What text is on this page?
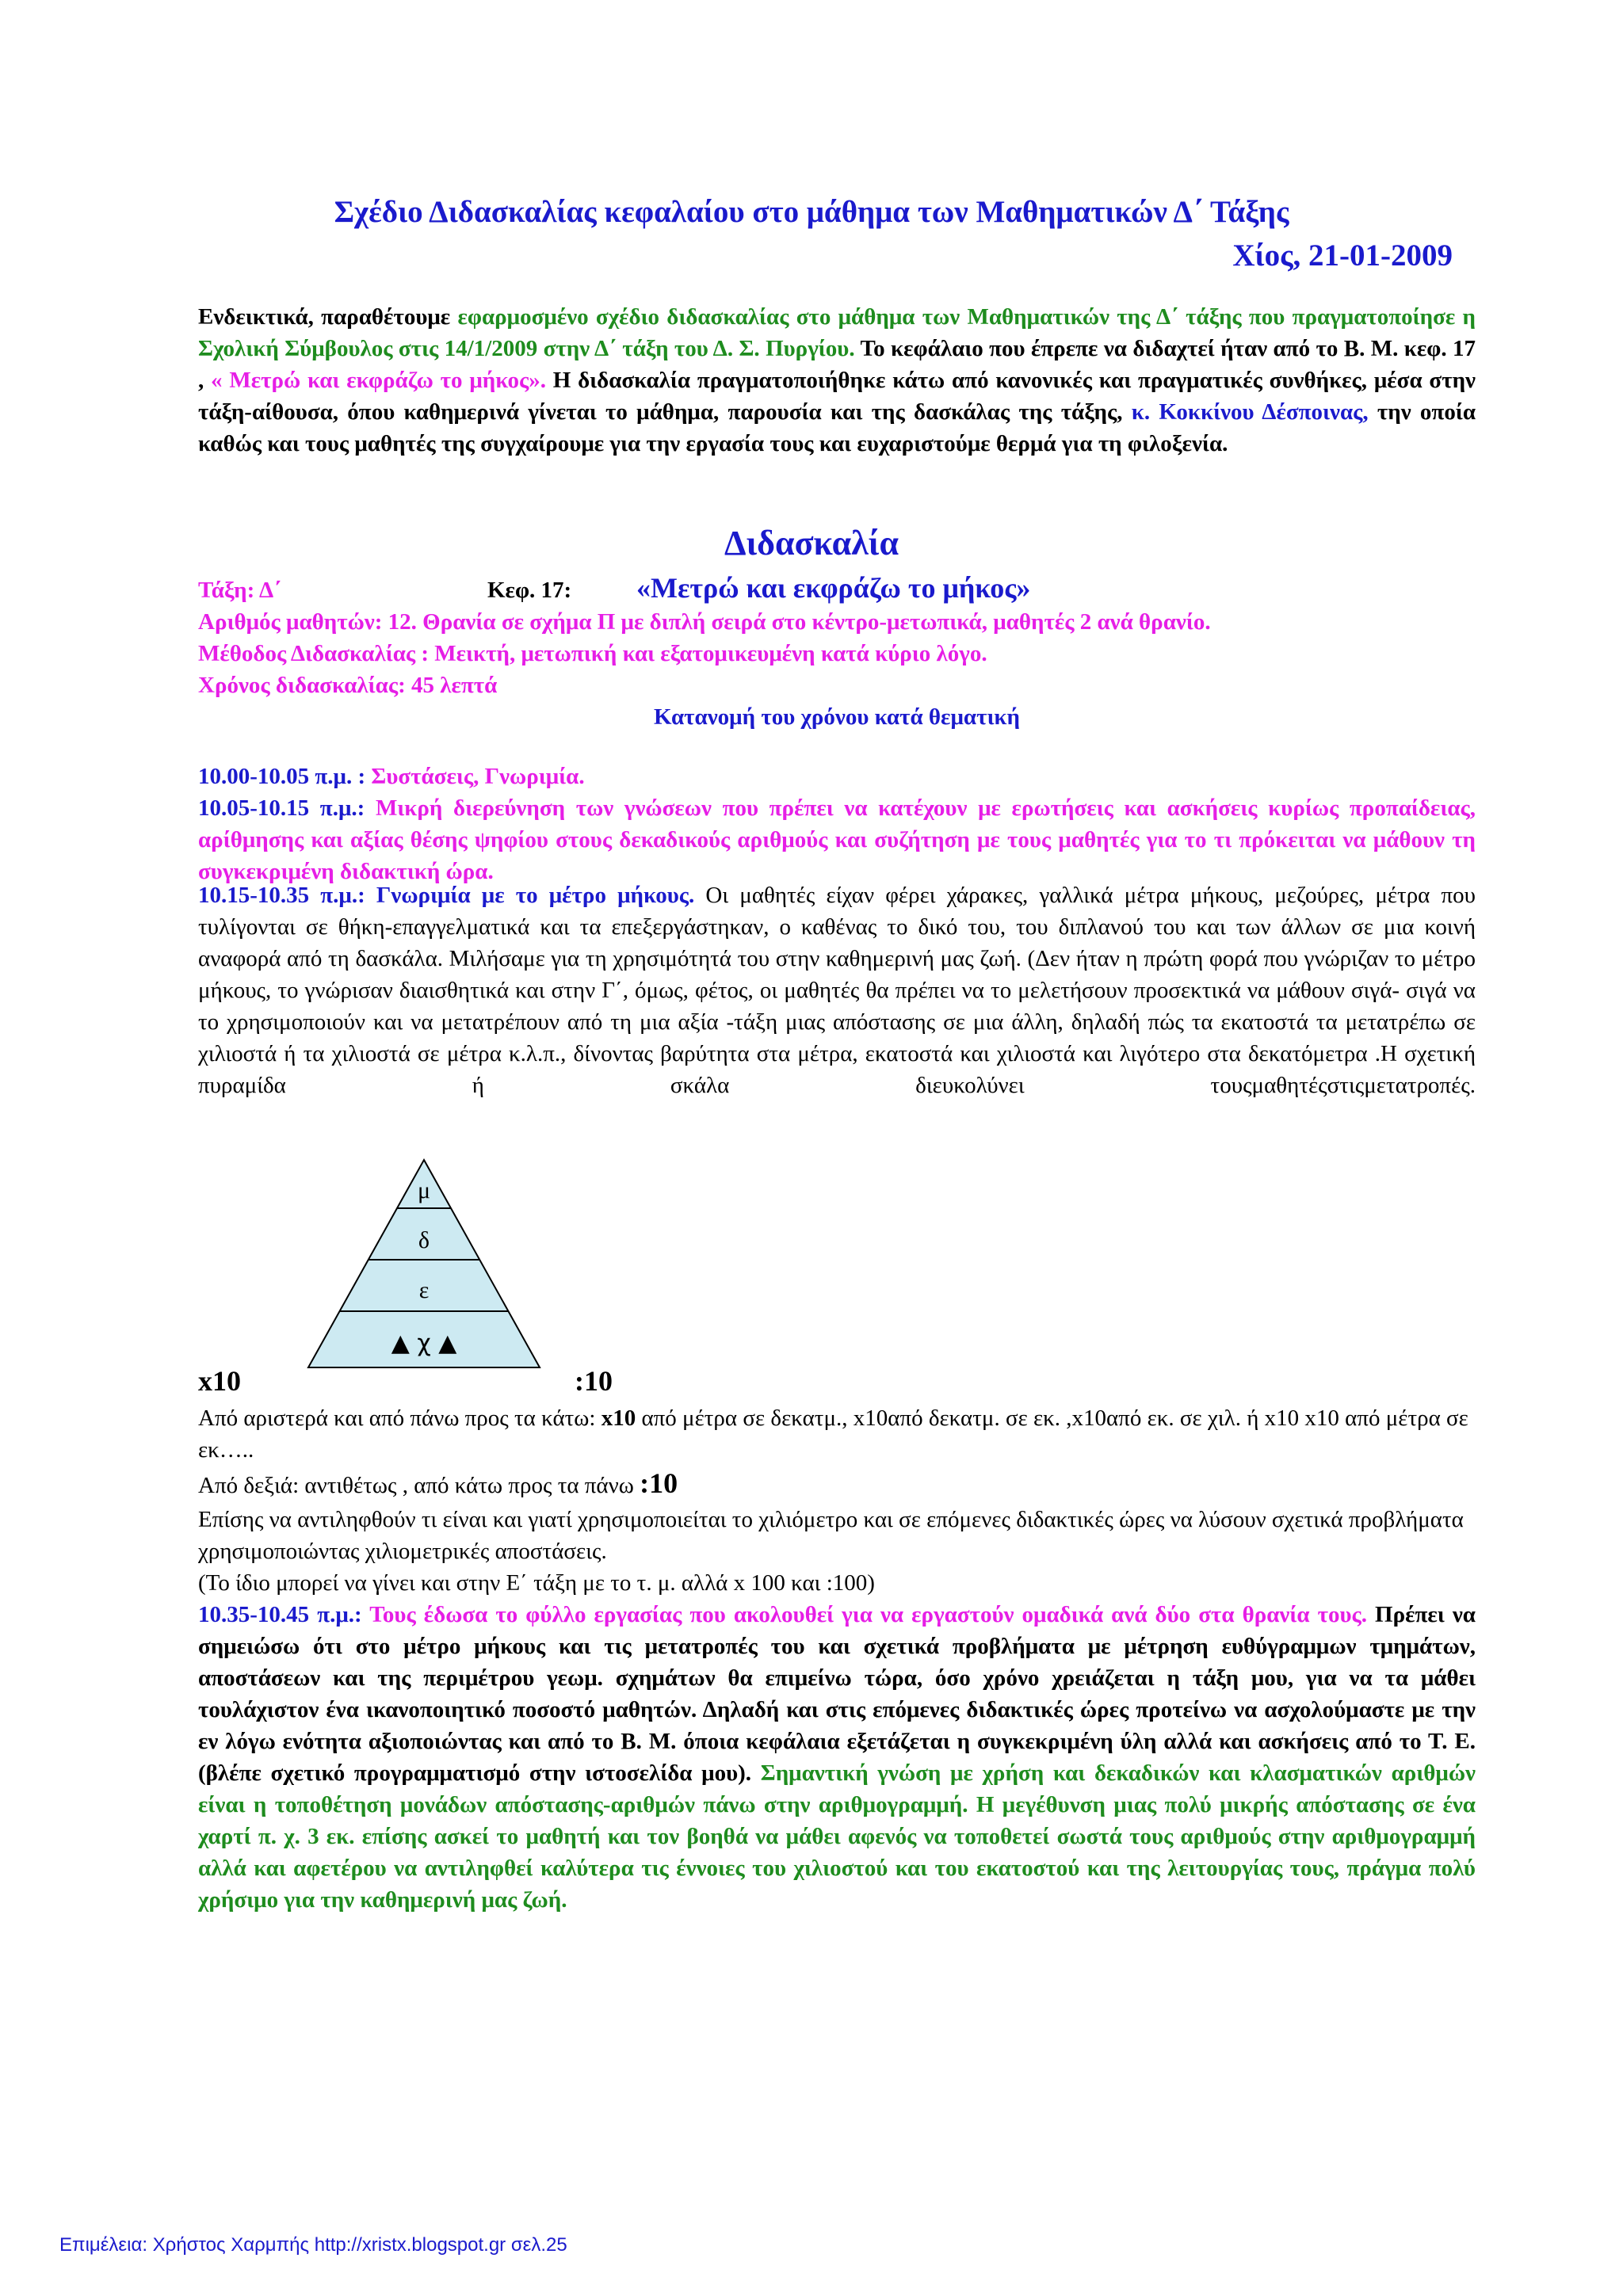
Σχέδιο Διδασκαλίας κεφαλαίου στο μάθημα των Μαθηματικών Δ΄ Τάξης
Χίος, 21-01-2009
Ενδεικτικά, παραθέτουμε εφαρμοσμένο σχέδιο διδασκαλίας στο μάθημα των Μαθηματικών της Δ΄ τάξης που πραγματοποίησε η Σχολική Σύμβουλος στις 14/1/2009 στην Δ΄ τάξη του Δ. Σ. Πυργίου. Το κεφάλαιο που έπρεπε να διδαχτεί ήταν από το Β. Μ. κεφ. 17 , « Μετρώ και εκφράζω το μήκος». Η διδασκαλία πραγματοποιήθηκε κάτω από κανονικές και πραγματικές συνθήκες, μέσα στην τάξη-αίθουσα, όπου καθημερινά γίνεται το μάθημα, παρουσία και της δασκάλας της τάξης, κ. Κοκκίνου Δέσποινας, την οποία καθώς και τους μαθητές της συγχαίρουμε για την εργασία τους και ευχαριστούμε θερμά για τη φιλοξενία.
Διδασκαλία
Τάξη: Δ΄	Κεφ. 17: «Μετρώ και εκφράζω το μήκος»
Αριθμός μαθητών: 12. Θρανία σε σχήμα Π με διπλή σειρά στο κέντρο-μετωπικά, μαθητές 2 ανά θρανίο.
Μέθοδος Διδασκαλίας : Μεικτή, μετωπική και εξατομικευμένη κατά κύριο λόγο.
Χρόνος διδασκαλίας: 45 λεπτά
Κατανομή του χρόνου κατά θεματική
10.00-10.05 π.μ. : Συστάσεις, Γνωριμία.
10.05-10.15 π.μ.: Μικρή διερεύνηση των γνώσεων που πρέπει να κατέχουν με ερωτήσεις και ασκήσεις κυρίως προπαίδειας, αρίθμησης και αξίας θέσης ψηφίου στους δεκαδικούς αριθμούς και συζήτηση με τους μαθητές για το τι πρόκειται να μάθουν τη συγκεκριμένη διδακτική ώρα.
10.15-10.35 π.μ.: Γνωριμία με το μέτρο μήκους. Οι μαθητές είχαν φέρει χάρακες, γαλλικά μέτρα μήκους, μεζούρες, μέτρα που τυλίγονται σε θήκη-επαγγελματικά και τα επεξεργάστηκαν, ο καθένας το δικό του, του διπλανού του και των άλλων σε μια κοινή αναφορά από τη δασκάλα. Μιλήσαμε για τη χρησιμότητά του στην καθημερινή μας ζωή. (Δεν ήταν η πρώτη φορά που γνώριζαν το μέτρο μήκους, το γνώρισαν διαισθητικά και στην Γ΄, όμως, φέτος, οι μαθητές θα πρέπει να το μελετήσουν προσεκτικά να μάθουν σιγά- σιγά να το χρησιμοποιούν και να μετατρέπουν από τη μια αξία -τάξη μιας απόστασης σε μια άλλη, δηλαδή πώς τα εκατοστά τα μετατρέπω σε χιλιοστά ή τα χιλιοστά σε μέτρα κ.λ.π., δίνοντας βαρύτητα στα μέτρα, εκατοστά και χιλιοστά και λιγότερο στα δεκατόμετρα .Η σχετική πυραμίδα ή σκάλα διευκολύνει τουςμαθητέςστιςμετατροπές.
μ
δ
ε
▲ χ ▲
x10	:10
Από αριστερά και από πάνω προς τα κάτω: x10 από μέτρα σε δεκατμ., x10από δεκατμ. σε εκ. ,x10από εκ. σε χιλ. ή x10 x10 από μέτρα σε εκ…..
Από δεξιά: αντιθέτως , από κάτω προς τα πάνω :10
Επίσης να αντιληφθούν τι είναι και γιατί χρησιμοποιείται το χιλιόμετρο και σε επόμενες διδακτικές ώρες να λύσουν σχετικά προβλήματα χρησιμοποιώντας χιλιομετρικές αποστάσεις.
(Το ίδιο μπορεί να γίνει και στην Ε΄ τάξη με το τ. μ. αλλά x 100 και :100)
10.35-10.45 π.μ.: Τους έδωσα το φύλλο εργασίας που ακολουθεί για να εργαστούν ομαδικά ανά δύο στα θρανία τους. Πρέπει να σημειώσω ότι στο μέτρο μήκους και τις μετατροπές του και σχετικά προβλήματα με μέτρηση ευθύγραμμων τμημάτων, αποστάσεων και της περιμέτρου γεωμ. σχημάτων θα επιμείνω τώρα, όσο χρόνο χρειάζεται η τάξη μου, για να τα μάθει τουλάχιστον ένα ικανοποιητικό ποσοστό μαθητών. Δηλαδή και στις επόμενες διδακτικές ώρες προτείνω να ασχολούμαστε με την εν λόγω ενότητα αξιοποιώντας και από το Β. Μ. όποια κεφάλαια εξετάζεται η συγκεκριμένη ύλη αλλά και ασκήσεις από το Τ. Ε. (βλέπε σχετικό προγραμματισμό στην ιστοσελίδα μου). Σημαντική γνώση με χρήση και δεκαδικών και κλασματικών αριθμών είναι η τοποθέτηση μονάδων απόστασης-αριθμών πάνω στην αριθμογραμμή. Η μεγέθυνση μιας πολύ μικρής απόστασης σε ένα χαρτί π. χ. 3 εκ. επίσης ασκεί το μαθητή και τον βοηθά να μάθει αφενός να τοποθετεί σωστά τους αριθμούς στην αριθμογραμμή αλλά και αφετέρου να αντιληφθεί καλύτερα τις έννοιες του χιλιοστού και του εκατοστού και της λειτουργίας τους, πράγμα πολύ χρήσιμο για την καθημερινή μας ζωή.
Επιμέλεια: Χρήστος Χαρμπής http://xristx.blogspot.gr σελ.25
